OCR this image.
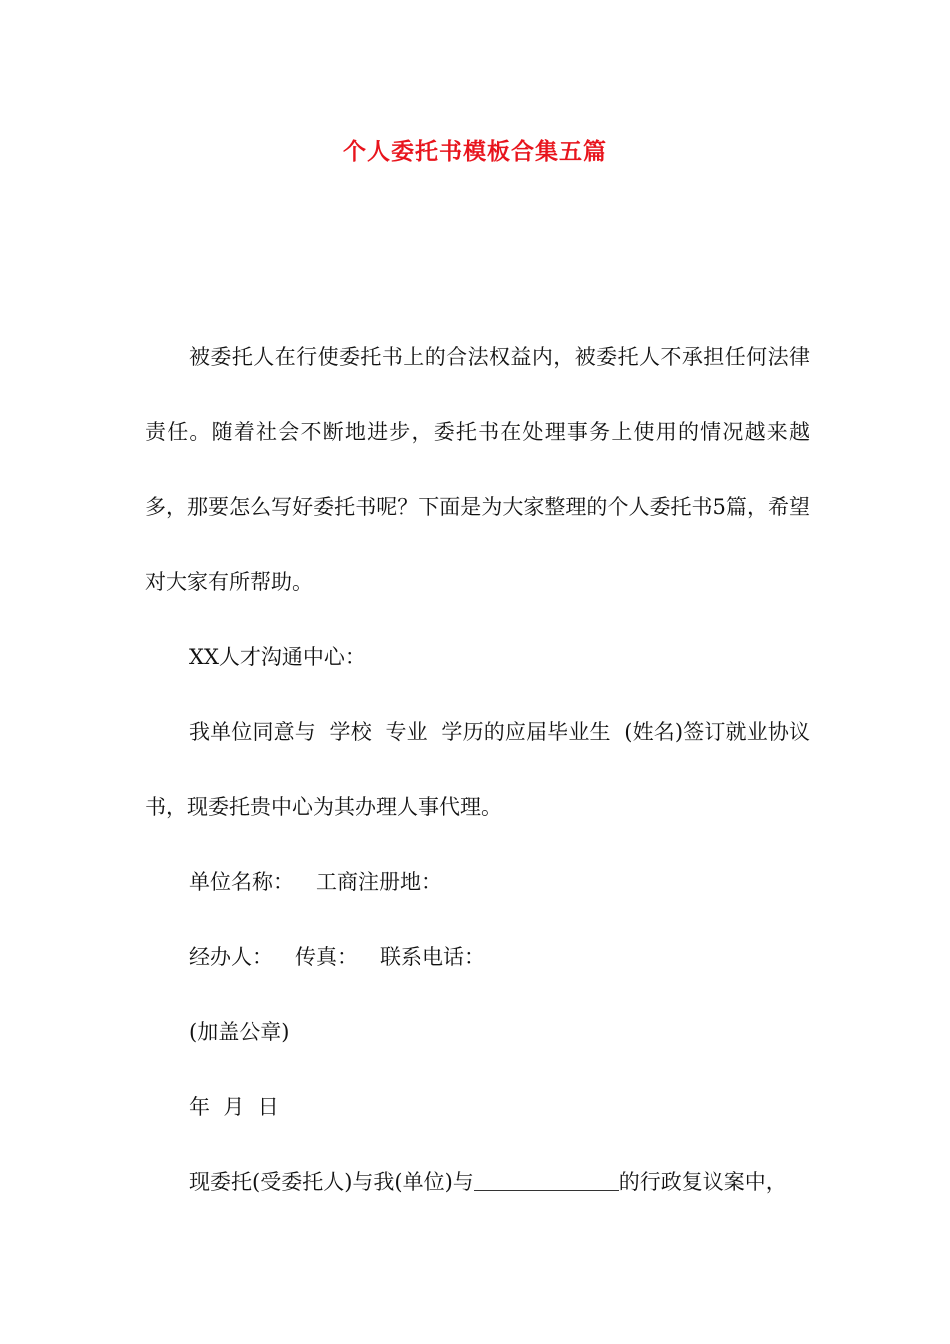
个人委托书模板合集五篇

被委托人在行使委托书上的合法权益内，被委托人不承担任何法律责任。随着社会不断地进步，委托书在处理事务上使用的情况越来越多，那要怎么写好委托书呢？下面是为大家整理的个人委托书5篇，希望对大家有所帮助。

XX人才沟通中心：

我单位同意与  学校  专业  学历的应届毕业生  (姓名)签订就业协议书，现委托贵中心为其办理人事代理。

单位名称： 工商注册地：

经办人： 传真： 联系电话：

(加盖公章)

年  月  日

现委托(受委托人)与我(单位)与	的行政复议案中，
